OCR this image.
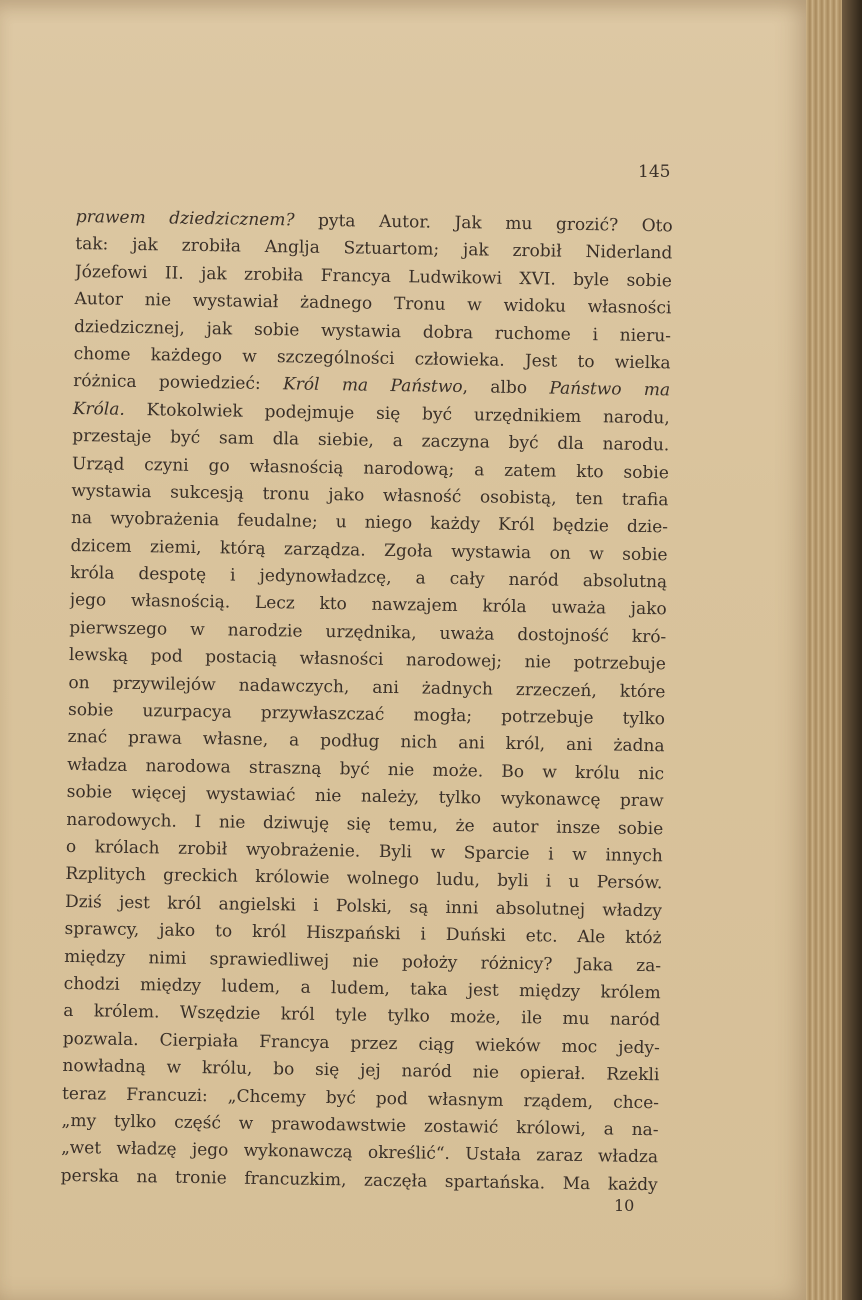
145
prawem dziedzicznem? pyta Autor. Jak mu grozić? Oto
tak: jak zrobiła Anglja Sztuartom; jak zrobił Niderland
Józefowi II. jak zrobiła Francya Ludwikowi XVI. byle sobie
Autor nie wystawiał żadnego Tronu w widoku własności
dziedzicznej, jak sobie wystawia dobra ruchome i nieru-
chome każdego w szczególności człowieka. Jest to wielka
różnica powiedzieć: Król ma Państwo, albo Państwo ma
Króla. Ktokolwiek podejmuje się być urzędnikiem narodu,
przestaje być sam dla siebie, a zaczyna być dla narodu.
Urząd czyni go własnością narodową; a zatem kto sobie
wystawia sukcesją tronu jako własność osobistą, ten trafia
na wyobrażenia feudalne; u niego każdy Król będzie dzie-
dzicem ziemi, którą zarządza. Zgoła wystawia on w sobie
króla despotę i jedynowładzcę, a cały naród absolutną
jego własnością. Lecz kto nawzajem króla uważa jako
pierwszego w narodzie urzędnika, uważa dostojność kró-
lewską pod postacią własności narodowej; nie potrzebuje
on przywilejów nadawczych, ani żadnych zrzeczeń, które
sobie uzurpacya przywłaszczać mogła; potrzebuje tylko
znać prawa własne, a podług nich ani król, ani żadna
władza narodowa straszną być nie może. Bo w królu nic
sobie więcej wystawiać nie należy, tylko wykonawcę praw
narodowych. I nie dziwuję się temu, że autor insze sobie
o królach zrobił wyobrażenie. Byli w Sparcie i w innych
Rzplitych greckich królowie wolnego ludu, byli i u Persów.
Dziś jest król angielski i Polski, są inni absolutnej władzy
sprawcy, jako to król Hiszpański i Duński etc. Ale któż
między nimi sprawiedliwej nie położy różnicy? Jaka za-
chodzi między ludem, a ludem, taka jest między królem
a królem. Wszędzie król tyle tylko może, ile mu naród
pozwala. Cierpiała Francya przez ciąg wieków moc jedy-
nowładną w królu, bo się jej naród nie opierał. Rzekli
teraz Francuzi: „Chcemy być pod własnym rządem, chce-
„my tylko część w prawodawstwie zostawić królowi, a na-
„wet władzę jego wykonawczą określić“. Ustała zaraz władza
perska na tronie francuzkim, zaczęła spartańska. Ma każdy
10
